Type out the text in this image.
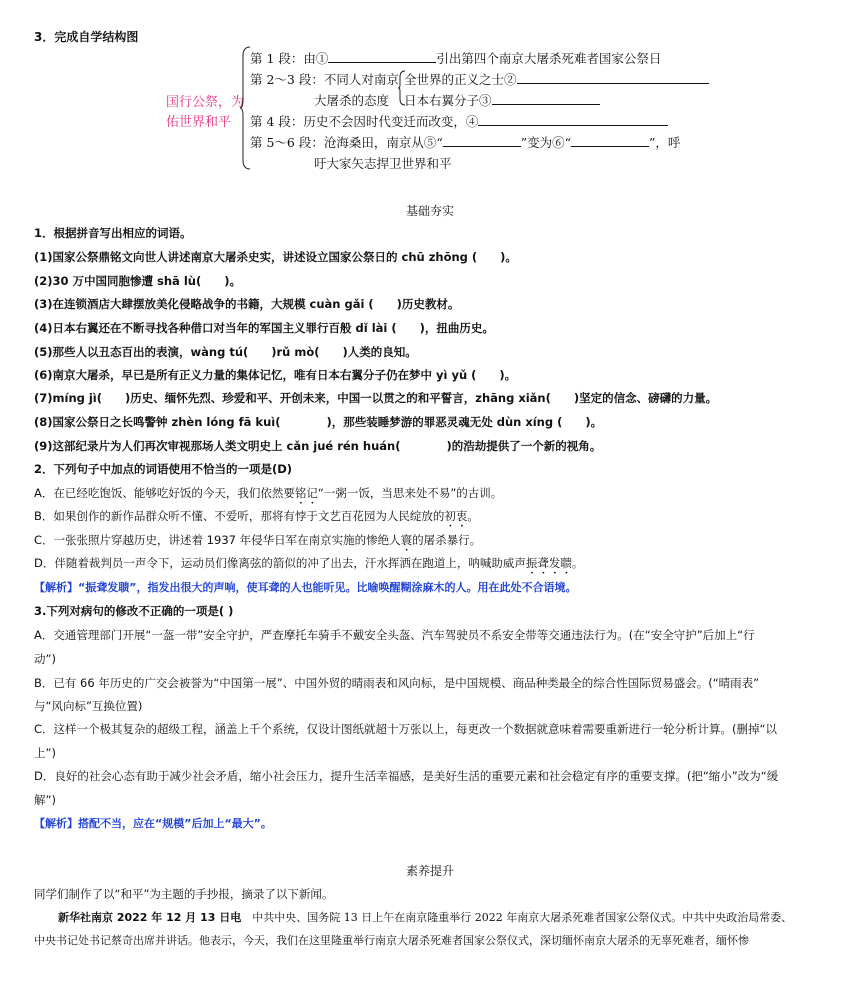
3．完成自学结构图
国行公祭，为
佑世界和平
第 1 段：由①	引出第四个南京大屠杀死难者国家公祭日
第 2～3 段：不同人对南京
大屠杀的态度
全世界的正义之士②
日本右翼分子③
第 4 段：历史不会因时代变迁而改变，④
第 5～6 段：沧海桑田，南京从⑤“	”变为⑥“	”，呼
吁大家矢志捍卫世界和平
基础夯实
1．根据拼音写出相应的词语。
(1)国家公祭鼎铭文向世人讲述南京大屠杀史实，讲述设立国家公祭日的 chū zhōng (　　)。
(2)30 万中国同胞惨遭 shā lù(　　)。
(3)在连锁酒店大肆摆放美化侵略战争的书籍，大规模 cuàn gǎi (　　)历史教材。
(4)日本右翼还在不断寻找各种借口对当年的军国主义罪行百般 dǐ lài (　　)，扭曲历史。
(5)那些人以丑态百出的表演，wàng tú(　　)rǔ mò(　　)人类的良知。
(6)南京大屠杀，早已是所有正义力量的集体记忆，唯有日本右翼分子仍在梦中 yì yǔ (　　)。
(7)míng jì(　　)历史、缅怀先烈、珍爱和平、开创未来，中国一以贯之的和平誓言，zhāng xiǎn(　　)坚定的信念、磅礴的力量。
(8)国家公祭日之长鸣警钟 zhèn lóng fā kuì(　　　　)，那些装睡梦游的罪恶灵魂无处 dùn xíng (　　)。
(9)这部纪录片为人们再次审视那场人类文明史上 cǎn jué rén huán(　　　　)的浩劫提供了一个新的视角。
2．下列句子中加点的词语使用不恰当的一项是(D)
A．在已经吃饱饭、能够吃好饭的今天，我们依然要铭记“一粥一饭，当思来处不易”的古训。
B．如果创作的新作品群众听不懂、不爱听，那将有悖于文艺百花园为人民绽放的初衷。
C．一张张照片穿越历史，讲述着 1937 年侵华日军在南京实施的惨绝人寰的屠杀暴行。
D．伴随着裁判员一声令下，运动员们像离弦的箭似的冲了出去，汗水挥洒在跑道上，呐喊助威声振聋发聩。
【解析】“振聋发聩”，指发出很大的声响，使耳聋的人也能听见。比喻唤醒糊涂麻木的人。用在此处不合语境。
3.下列对病句的修改不正确的一项是( )
A．交通管理部门开展“一盔一带”安全守护，严查摩托车骑手不戴安全头盔、汽车驾驶员不系安全带等交通违法行为。(在“安全守护”后加上“行
动”)
B．已有 66 年历史的广交会被誉为“中国第一展”、中国外贸的晴雨表和风向标，是中国规模、商品种类最全的综合性国际贸易盛会。(“晴雨表”
与“风向标”互换位置)
C．这样一个极其复杂的超级工程，涵盖上千个系统，仅设计图纸就超十万张以上，每更改一个数据就意味着需要重新进行一轮分析计算。(删掉“以
上”)
D．良好的社会心态有助于减少社会矛盾，缩小社会压力，提升生活幸福感，是美好生活的重要元素和社会稳定有序的重要支撑。(把“缩小”改为“缓
解”)
【解析】搭配不当，应在“规模”后加上“最大”。
素养提升
同学们制作了以“和平”为主题的手抄报，摘录了以下新闻。
新华社南京 2022 年 12 月 13 日电　中共中央、国务院 13 日上午在南京隆重举行 2022 年南京大屠杀死难者国家公祭仪式。中共中央政治局常委、
中央书记处书记蔡奇出席并讲话。他表示，今天，我们在这里隆重举行南京大屠杀死难者国家公祭仪式，深切缅怀南京大屠杀的无辜死难者，缅怀惨
